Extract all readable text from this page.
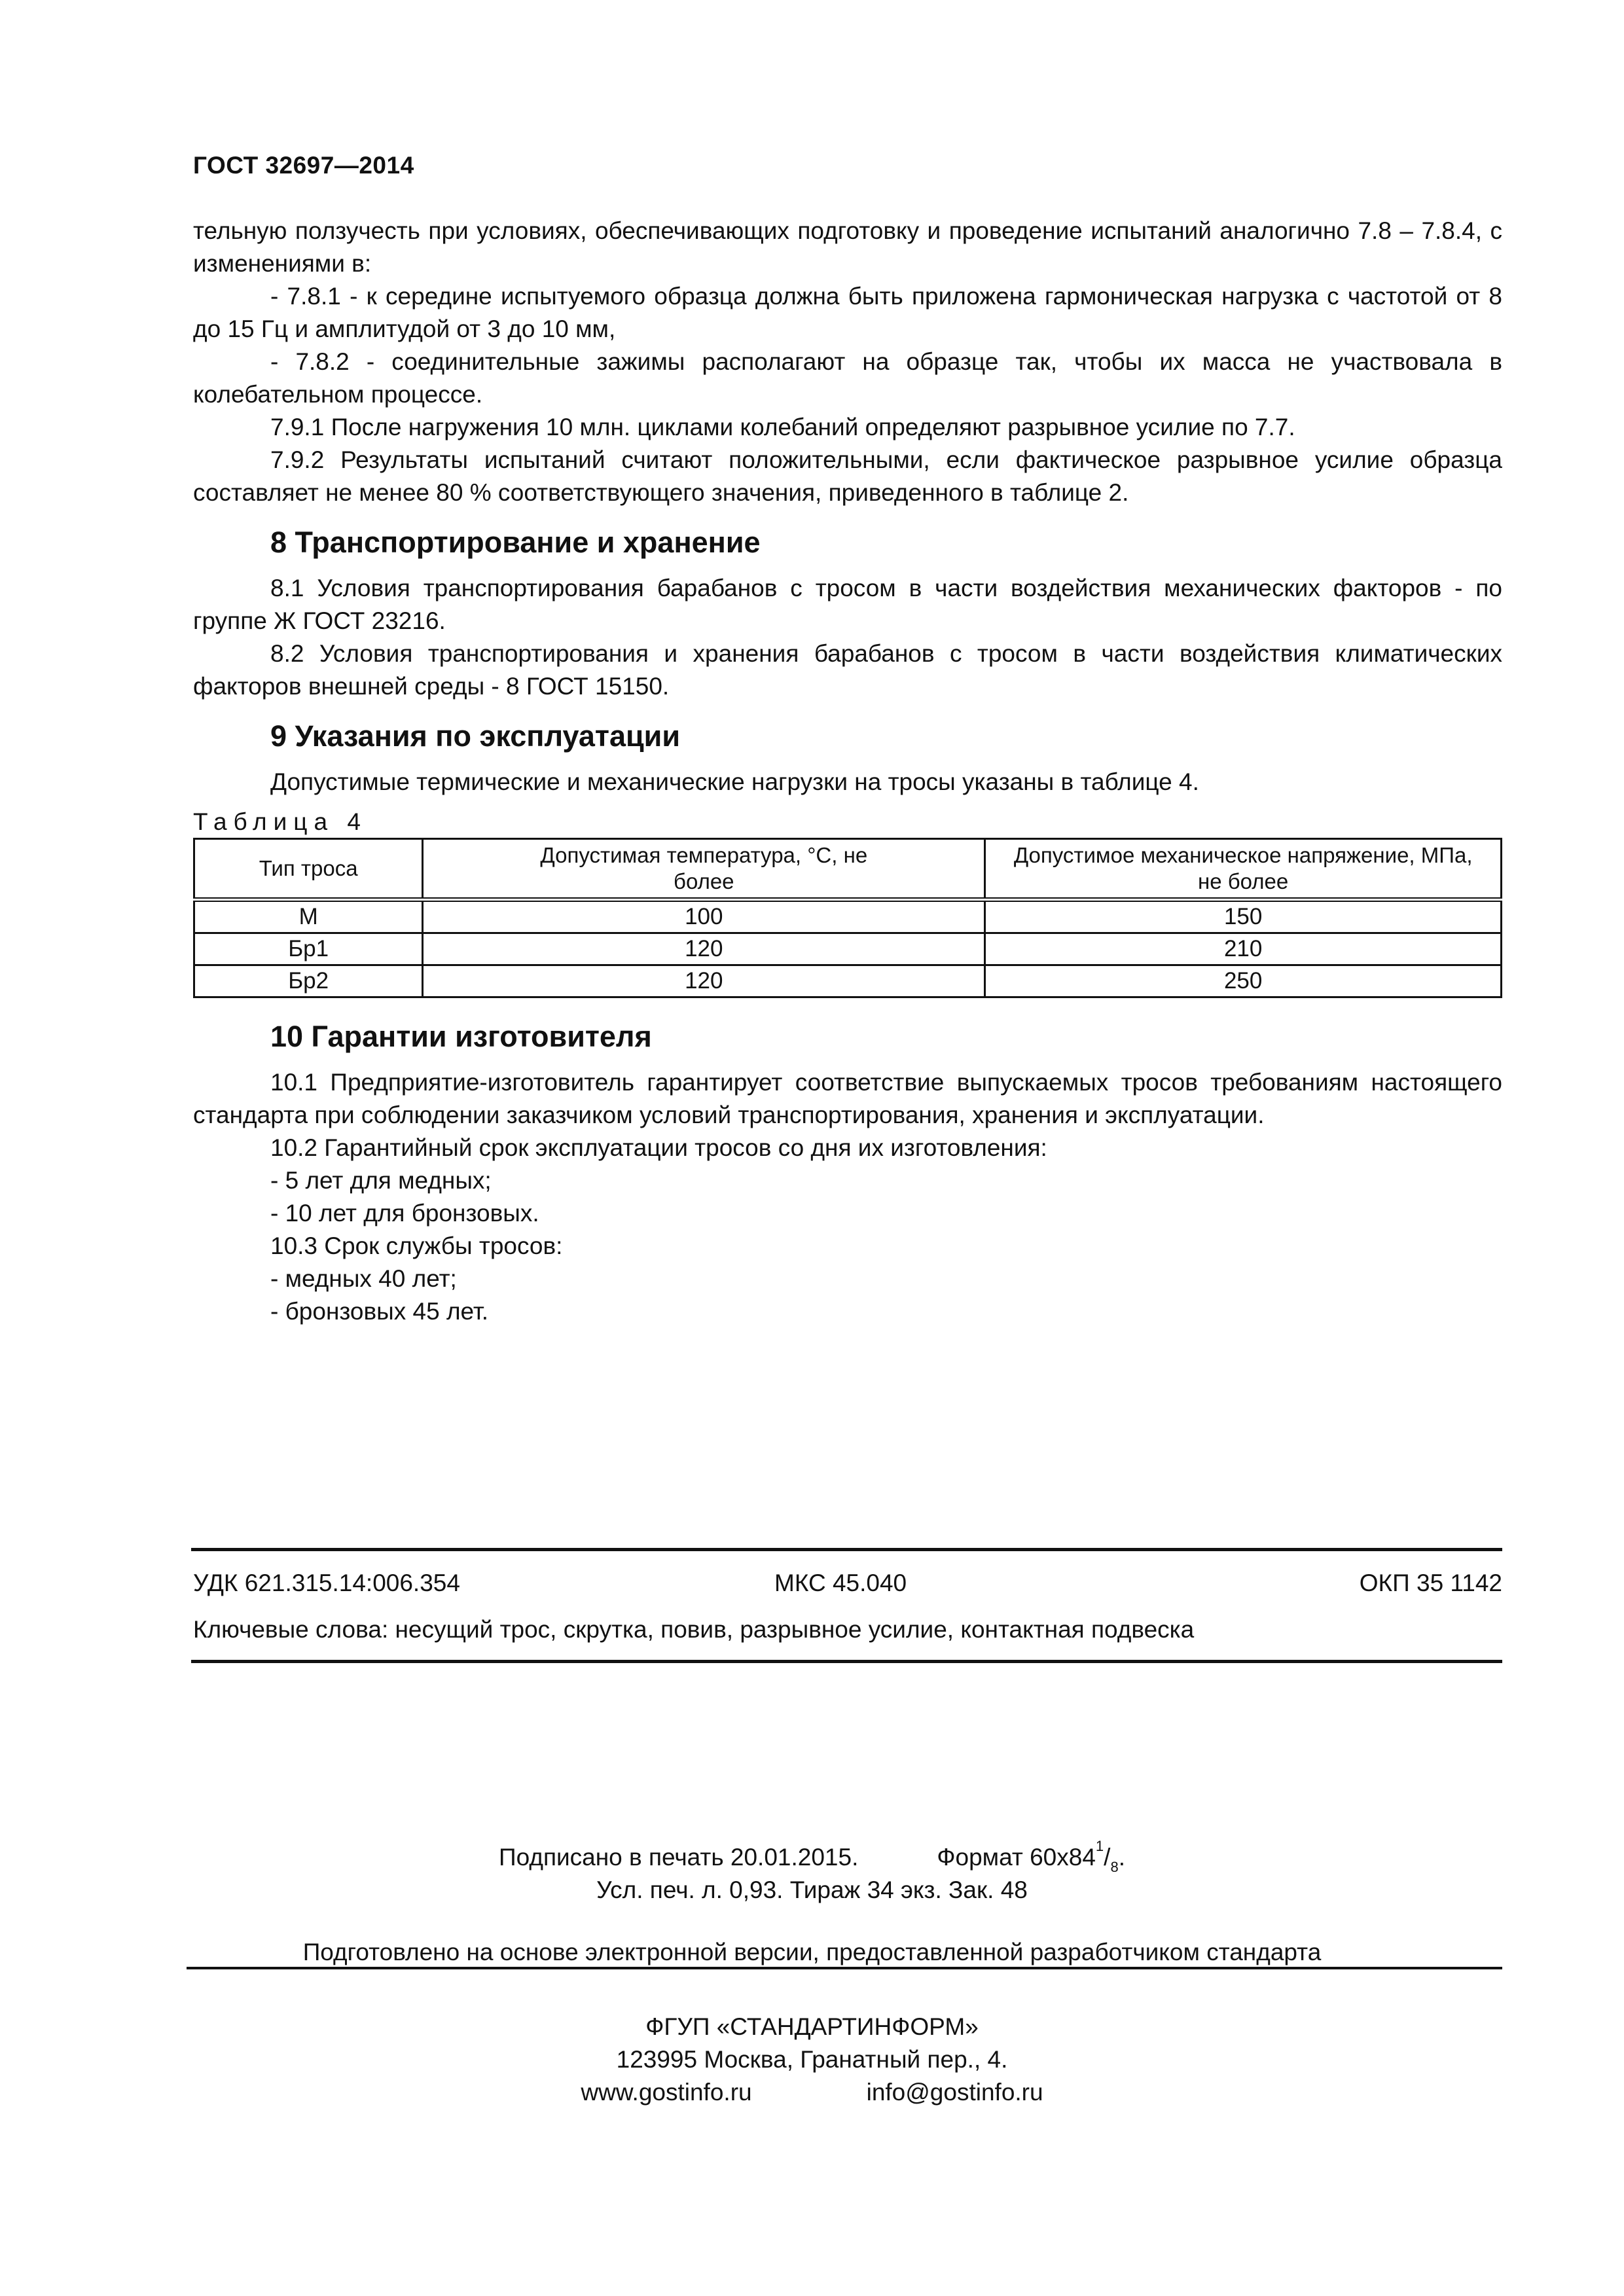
ГОСТ 32697—2014

тельную ползучесть при условиях, обеспечивающих подготовку и проведение испытаний аналогично 7.8 – 7.8.4, с изменениями в:

- 7.8.1 - к середине испытуемого образца должна быть приложена гармоническая нагрузка с частотой от 8 до 15 Гц и амплитудой от 3 до 10 мм,

- 7.8.2 - соединительные зажимы располагают на образце так, чтобы их масса не участвовала в колебательном процессе.

7.9.1 После нагружения 10 млн. циклами колебаний определяют разрывное усилие по 7.7.

7.9.2 Результаты испытаний считают положительными, если фактическое разрывное усилие образца составляет не менее 80 % соответствующего значения, приведенного в таблице 2.

8 Транспортирование и хранение

8.1 Условия транспортирования барабанов с тросом в части воздействия механических факторов - по группе Ж ГОСТ 23216.

8.2 Условия транспортирования и хранения барабанов с тросом в части воздействия климатических факторов внешней среды - 8 ГОСТ 15150.

9 Указания по эксплуатации

Допустимые термические и механические нагрузки на тросы указаны в таблице 4.

Таблица 4

Тип троса	Допустимая температура, °С, не более	Допустимое механическое напряжение, МПа, не более
М	100	150
Бр1	120	210
Бр2	120	250

10 Гарантии изготовителя

10.1 Предприятие-изготовитель гарантирует соответствие выпускаемых тросов требованиям настоящего стандарта при соблюдении заказчиком условий транспортирования, хранения и эксплуатации.

10.2 Гарантийный срок эксплуатации тросов со дня их изготовления:

- 5 лет для медных;

- 10 лет для бронзовых.

10.3 Срок службы тросов:

- медных 40 лет;

- бронзовых 45 лет.

УДК 621.315.14:006.354	МКС 45.040	ОКП 35 1142
Ключевые слова: несущий трос, скрутка, повив, разрывное усилие, контактная подвеска
Подписано в печать 20.01.2015.	Формат $60х84^1/_8$.
Усл. печ. л. 0,93. Тираж 34 экз. Зак. 48
Подготовлено на основе электронной версии, предоставленной разработчиком стандарта
ФГУП «СТАНДАРТИНФОРМ»
123995 Москва, Гранатный пер., 4.
www.gostinfo.ru	info@gostinfo.ru
